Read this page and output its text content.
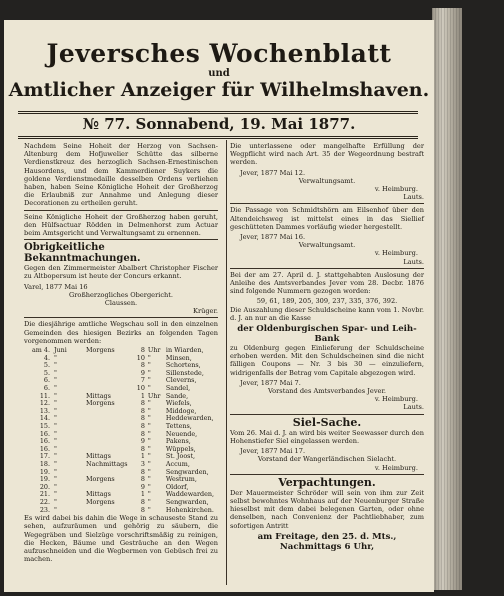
Jeversches Wochenblatt
und
Amtlicher Anzeiger für Wilhelmshaven.
№ 77. Sonnabend, 19. Mai 1877.

Nachdem Seine Hoheit der Herzog von Sachsen-Altenburg dem Hofjuwelier Schütte das silberne Verdienstkreuz des herzoglich Sachsen-Ernestinischen Hausordens, und dem Kammerdiener Suykers die goldene Verdienstmedaille desselben Ordens verliehen haben, haben Seine Königliche Hoheit der Großherzog die Erlaubniß zur Annahme und Anlegung dieser Decorationen zu ertheilen geruht.

Seine Königliche Hoheit der Großherzog haben geruht, den Hülfsactuar Rödden in Delmenhorst zum Actuar beim Amtsgericht und Verwaltungsamt zu ernennen.

Obrigkeitliche Bekanntmachungen.

Gegen den Zimmermeister Abalbert Christopher Fischer zu Altbopersum ist heute der Concurs erkannt.

Varel, 1877 Mai 16
Großherzogliches Obergericht.
Claussen.
Krüger.

Die diesjährige amtliche Wegschau soll in den einzelnen Gemeinden des hiesigen Bezirks an folgenden Tagen vorgenommen werden:

am 4.	Juni	Morgens	8	Uhr	in Wiarden,
4.	"		10	"	Minsen,
5.	"		8	"	Schortens,
5.	"		9	"	Sillenstede,
6.	"		7	"	Cleverns,
6.	"		10	"	Sandel,
11.	"	Mittags	1	Uhr	Sande,
12.	"	Morgens	8	"	Wiefels,
13.	"		8	"	Middoge,
14.	"		8	"	Heddewarden,
15.	"		8	"	Tettens,
16.	"		8	"	Neuende,
16.	"		9	"	Pakens,
16.	"		8	"	Wüppels,
17.	"	Mittags	1	"	St. Joost,
18.	"	Nachmittags	3	"	Accum,
19.	"		8	"	Sengwarden,
19.	"	Morgens	8	"	Westrum,
20.	"		9	"	Oldorf,
21.	"	Mittags	1	"	Waddewarden,
22.	"	Morgens	8	"	Sengwarden,
23.	"		8	"	Hohenkirchen.

Es wird dabei bis dahin die Wege in schauseste Stand zu sehen, aufzuräumen und gehörig zu säubern, die Wegegräben und Sielzüge vorschriftsmäßig zu reinigen, die Hecken, Bäume und Gesträuche an den Wegen aufzuschneiden und die Wegbermen von Gebüsch frei zu machen.

Die unterlassene oder mangelhafte Erfüllung der Wegpflicht wird nach Art. 35 der Wegeordnung bestraft werden.

Jever, 1877 Mai 12.
Verwaltungsamt.
v. Heimburg.
Lauts.

Die Passage von Schmidtshörn am Eilsenhof über den Altendeichsweg ist mittelst eines in das Siellief geschütteten Dammes vorläufig wieder hergestellt.

Jever, 1877 Mai 16.
Verwaltungsamt.
v. Heimburg.
Lauts.

Bei der am 27. April d. J. stattgehabten Auslosung der Anleihe des Amtsverbandes Jever vom 28. Decbr. 1876 sind folgende Nummern gezogen worden:

59, 61, 189, 205, 309, 237, 335, 376, 392.

Die Auszahlung dieser Schuldscheine kann vom 1. Novbr. d. J. an nur an die Kasse

der Oldenburgischen Spar- und Leih-Bank

zu Oldenburg gegen Einlieferung der Schuldscheine erhoben werden. Mit den Schuldscheinen sind die nicht fälligen Coupons — Nr. 3 bis 30 — einzuliefern, widrigenfalls der Betrag vom Capitale abgezogen wird.

Jever, 1877 Mai 7.
Vorstand des Amtsverbandes Jever.
v. Heimburg.
Lauts.
Siel-Sache.

Vom 26. Mai d. J. an wird bis weiter Seewasser durch den Hohenstiefer Siel eingelassen werden.

Jever, 1877 Mai 17.
Vorstand der Wangerländischen Sielacht.
v. Heimburg.
Verpachtungen.

Der Mauermeister Schröder will sein von ihm zur Zeit selbst bewohntes Wohnhaus auf der Neuenburger Straße hieselbst mit dem dabei belegenen Garten, oder ohne denselben, nach Convenienz der Pachtliebhaber, zum sofortigen Antritt

am Freitage, den 25. d. Mts., Nachmittags 6 Uhr,
